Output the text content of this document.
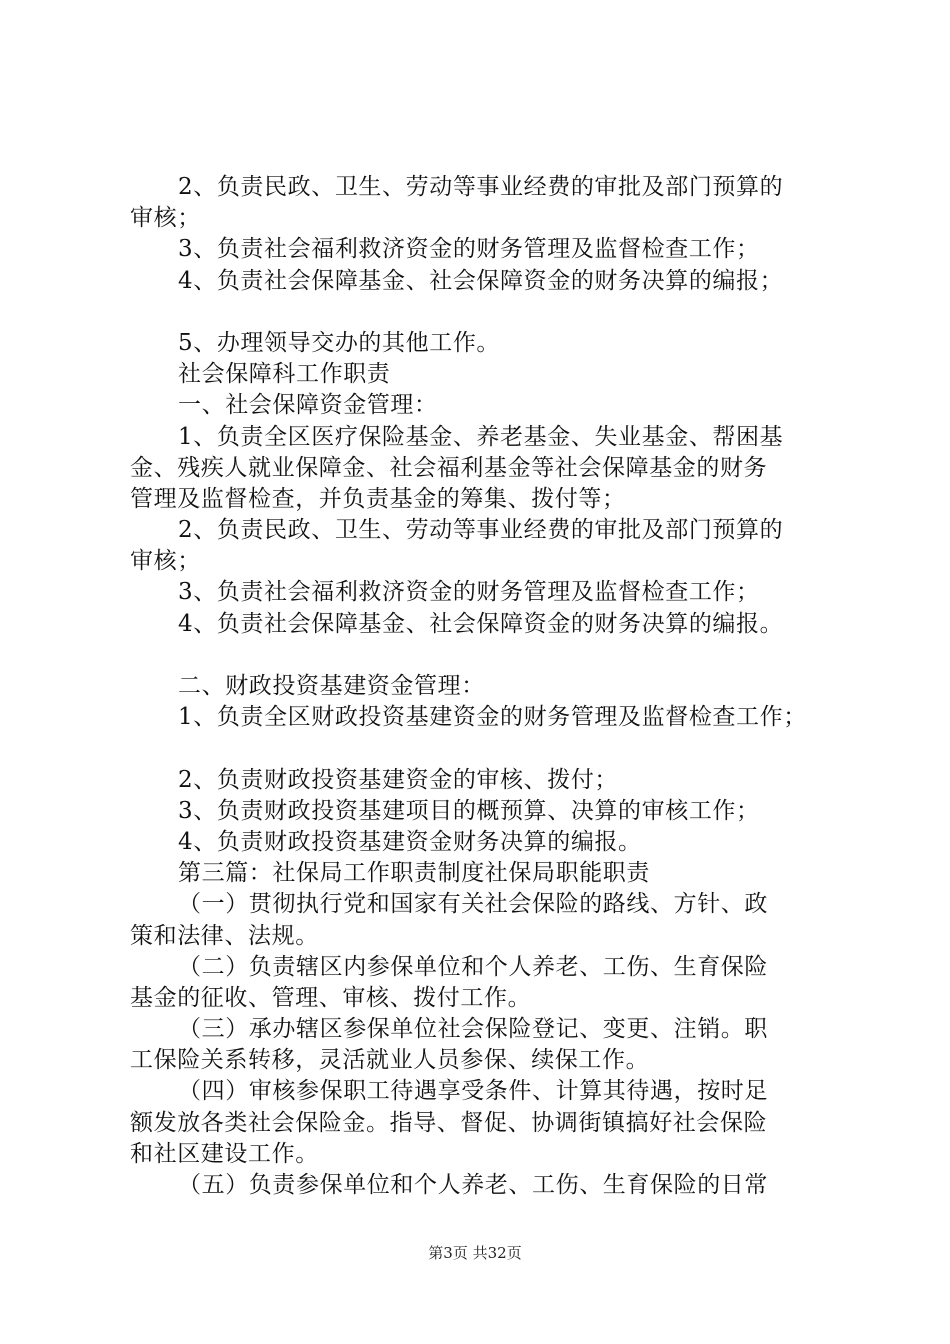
2、负责民政、卫生、劳动等事业经费的审批及部门预算的
审核；
3、负责社会福利救济资金的财务管理及监督检查工作；
4、负责社会保障基金、社会保障资金的财务决算的编报；
5、办理领导交办的其他工作。
社会保障科工作职责
一、社会保障资金管理：
1、负责全区医疗保险基金、养老基金、失业基金、帮困基
金、残疾人就业保障金、社会福利基金等社会保障基金的财务
管理及监督检查，并负责基金的筹集、拨付等；
2、负责民政、卫生、劳动等事业经费的审批及部门预算的
审核；
3、负责社会福利救济资金的财务管理及监督检查工作；
4、负责社会保障基金、社会保障资金的财务决算的编报。
二、财政投资基建资金管理：
1、负责全区财政投资基建资金的财务管理及监督检查工作；
2、负责财政投资基建资金的审核、拨付；
3、负责财政投资基建项目的概预算、决算的审核工作；
4、负责财政投资基建资金财务决算的编报。
第三篇：社保局工作职责制度社保局职能职责
（一）贯彻执行党和国家有关社会保险的路线、方针、政
策和法律、法规。
（二）负责辖区内参保单位和个人养老、工伤、生育保险
基金的征收、管理、审核、拨付工作。
（三）承办辖区参保单位社会保险登记、变更、注销。职
工保险关系转移，灵活就业人员参保、续保工作。
（四）审核参保职工待遇享受条件、计算其待遇，按时足
额发放各类社会保险金。指导、督促、协调街镇搞好社会保险
和社区建设工作。
（五）负责参保单位和个人养老、工伤、生育保险的日常
第3页 共32页
